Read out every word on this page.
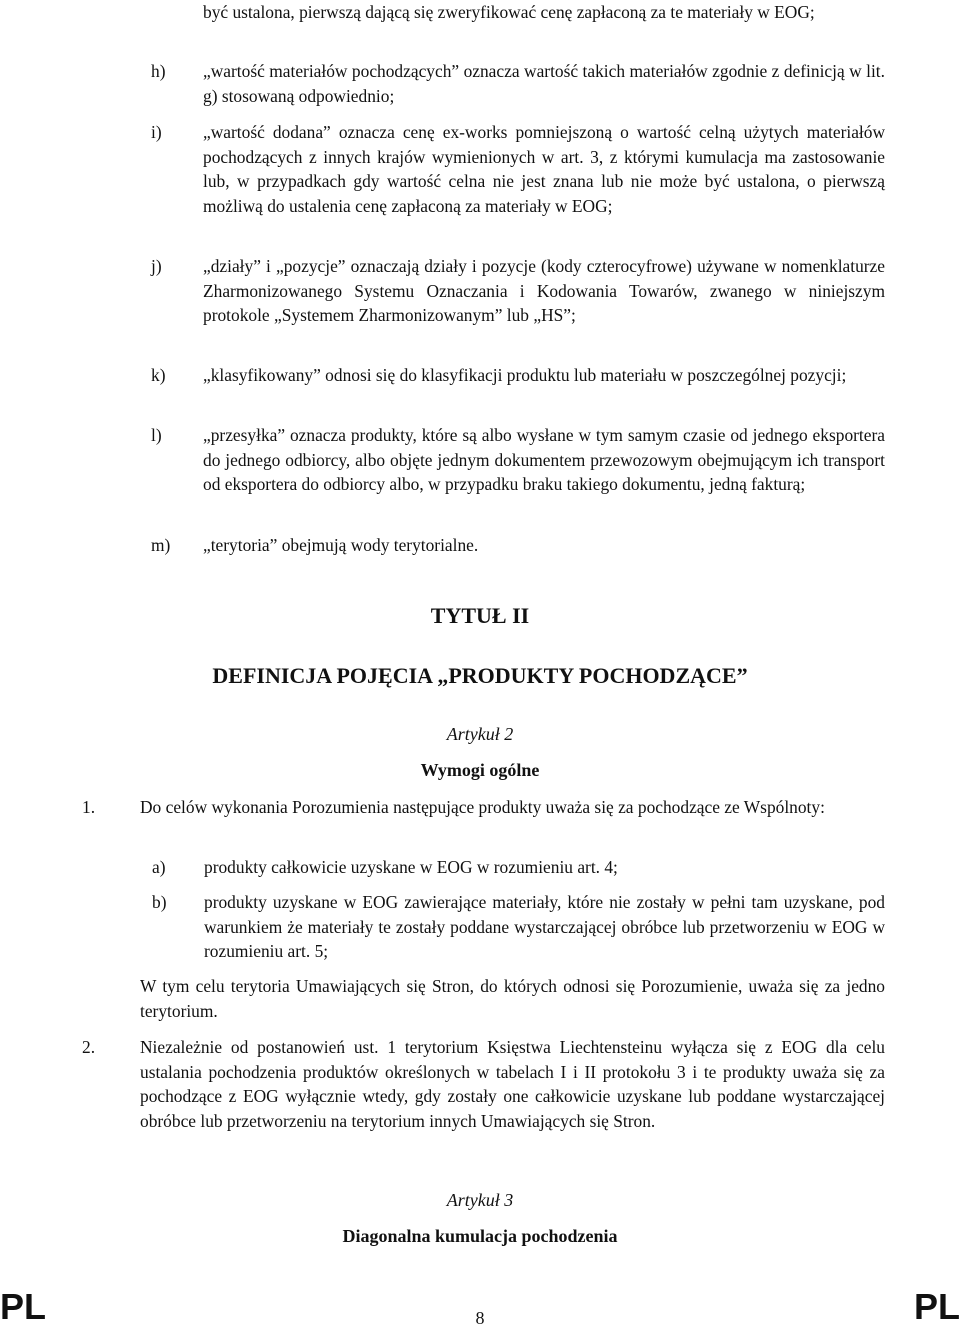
być ustalona, pierwszą dającą się zweryfikować cenę zapłaconą za te materiały w EOG;

h) „wartość materiałów pochodzących” oznacza wartość takich materiałów zgodnie z definicją w lit. g) stosowaną odpowiednio;

i) „wartość dodana” oznacza cenę ex-works pomniejszoną o wartość celną użytych materiałów pochodzących z innych krajów wymienionych w art. 3, z którymi kumulacja ma zastosowanie lub, w przypadkach gdy wartość celna nie jest znana lub nie może być ustalona, o pierwszą możliwą do ustalenia cenę zapłaconą za materiały w EOG;

j) „działy” i „pozycje” oznaczają działy i pozycje (kody czterocyfrowe) używane w nomenklaturze Zharmonizowanego Systemu Oznaczania i Kodowania Towarów, zwanego w niniejszym protokole „Systemem Zharmonizowanym” lub „HS”;

k) „klasyfikowany” odnosi się do klasyfikacji produktu lub materiału w poszczególnej pozycji;

l) „przesyłka” oznacza produkty, które są albo wysłane w tym samym czasie od jednego eksportera do jednego odbiorcy, albo objęte jednym dokumentem przewozowym obejmującym ich transport od eksportera do odbiorcy albo, w przypadku braku takiego dokumentu, jedną fakturą;

m) „terytoria” obejmują wody terytorialne.

TYTUŁ II
DEFINICJA POJĘCIA „PRODUKTY POCHODZĄCE”
Artykuł 2
Wymogi ogólne
1.	Do celów wykonania Porozumienia następujące produkty uważa się za pochodzące ze Wspólnoty:

a) produkty całkowicie uzyskane w EOG w rozumieniu art. 4;

b) produkty uzyskane w EOG zawierające materiały, które nie zostały w pełni tam uzyskane, pod warunkiem że materiały te zostały poddane wystarczającej obróbce lub przetworzeniu w EOG w rozumieniu art. 5;

W tym celu terytoria Umawiających się Stron, do których odnosi się Porozumienie, uważa się za jedno terytorium.

2.	Niezależnie od postanowień ust. 1 terytorium Księstwa Liechtensteinu wyłącza się z EOG dla celu ustalania pochodzenia produktów określonych w tabelach I i II protokołu 3 i te produkty uważa się za pochodzące z EOG wyłącznie wtedy, gdy zostały one całkowicie uzyskane lub poddane wystarczającej obróbce lub przetworzeniu na terytorium innych Umawiających się Stron.

Artykuł 3
Diagonalna kumulacja pochodzenia
PL	8	PL
